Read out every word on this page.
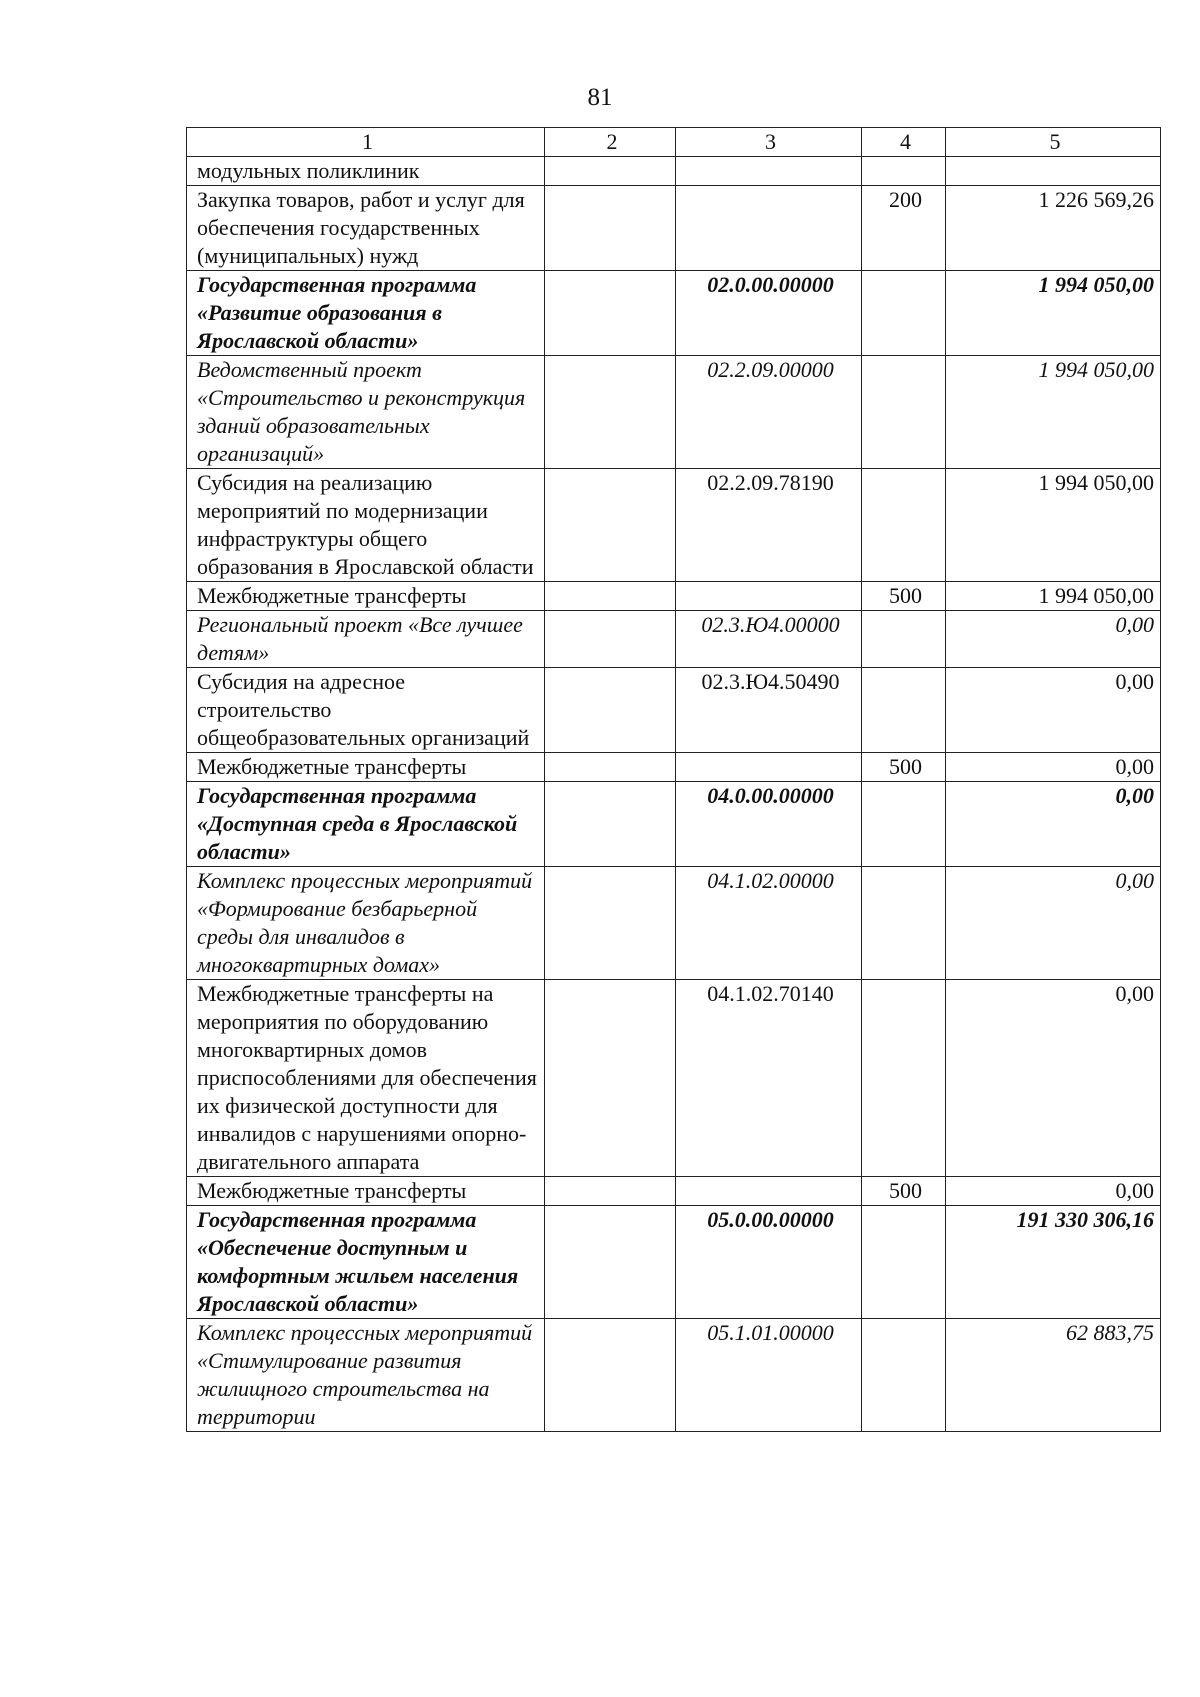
81
1	2	3	4	5
модульных поликлиник				
Закупка товаров, работ и услуг для обеспечения государственных (муниципальных) нужд			200	1 226 569,26
Государственная программа «Развитие образования в Ярославской области»		02.0.00.00000		1 994 050,00
Ведомственный проект «Строительство и реконструкция зданий образовательных организаций»		02.2.09.00000		1 994 050,00
Субсидия на реализацию мероприятий по модернизации инфраструктуры общего образования в Ярославской области		02.2.09.78190		1 994 050,00
Межбюджетные трансферты			500	1 994 050,00
Региональный проект «Все лучшее детям»		02.3.Ю4.00000		0,00
Субсидия на адресное строительство общеобразовательных организаций		02.3.Ю4.50490		0,00
Межбюджетные трансферты			500	0,00
Государственная программа «Доступная среда в Ярославской области»		04.0.00.00000		0,00
Комплекс процессных мероприятий «Формирование безбарьерной среды для инвалидов в многоквартирных домах»		04.1.02.00000		0,00
Межбюджетные трансферты на мероприятия по оборудованию многоквартирных домов приспособлениями для обеспечения их физической доступности для инвалидов с нарушениями опорно-двигательного аппарата		04.1.02.70140		0,00
Межбюджетные трансферты			500	0,00
Государственная программа «Обеспечение доступным и комфортным жильем населения Ярославской области»		05.0.00.00000		191 330 306,16
Комплекс процессных мероприятий «Стимулирование развития жилищного строительства на территории		05.1.01.00000		62 883,75
